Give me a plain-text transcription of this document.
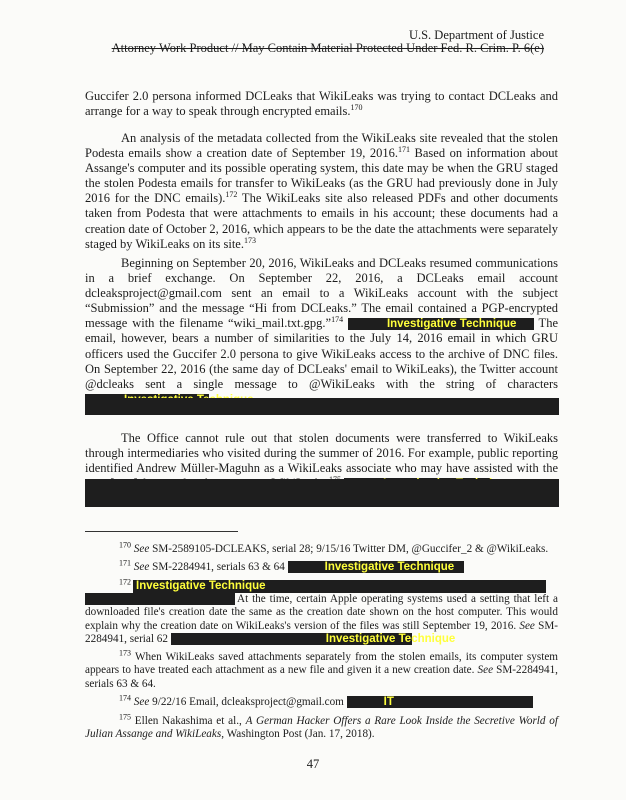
U.S. Department of Justice
Attorney Work Product // May Contain Material Protected Under Fed. R. Crim. P. 6(e)

Guccifer 2.0 persona informed DCLeaks that WikiLeaks was trying to contact DCLeaks and arrange for a way to speak through encrypted emails.$^{170}$

An analysis of the metadata collected from the WikiLeaks site revealed that the stolen Podesta emails show a creation date of September 19, 2016.$^{171}$ Based on information about Assange's computer and its possible operating system, this date may be when the GRU staged the stolen Podesta emails for transfer to WikiLeaks (as the GRU had previously done in July 2016 for the DNC emails).$^{172}$ The WikiLeaks site also released PDFs and other documents taken from Podesta that were attachments to emails in his account; these documents had a creation date of October 2, 2016, which appears to be the date the attachments were separately staged by WikiLeaks on its site.$^{173}$

Beginning on September 20, 2016, WikiLeaks and DCLeaks resumed communications in a brief exchange. On September 22, 2016, a DCLeaks email account dcleaksproject@gmail.com sent an email to a WikiLeaks account with the subject “Submission” and the message “Hi from DCLeaks.” The email contained a PGP-encrypted message with the filename “wiki_mail.txt.gpg.”$^{174}$	Investigative Technique The email, however, bears a number of similarities to the July 14, 2016 email in which GRU officers used the Guccifer 2.0 persona to give WikiLeaks access to the archive of DNC files. On September 22, 2016 (the same day of DCLeaks' email to WikiLeaks), the Twitter account @dcleaks sent a single message to @WikiLeaks with the string of characters

The Office cannot rule out that stolen documents were transferred to WikiLeaks through intermediaries who visited during the summer of 2016. For example, public reporting identified Andrew Müller-Maguhn as a WikiLeaks associate who may have assisted with the

$^{170}$ See SM-2589105-DCLEAKS, serial 28; 9/15/16 Twitter DM, @Guccifer_2 & @WikiLeaks.

$^{171}$ See SM-2284941, serials 63 & 64	Investigative Technique

$^{172}$ Investigative Technique

At the time, certain Apple operating systems used a setting that left a downloaded file's creation date the same as the creation date shown on the host computer. This would explain why the creation date on WikiLeaks's version of the files was still September 19, 2016. See SM-2284941, serial 62	Investigative Technique

$^{173}$ When WikiLeaks saved attachments separately from the stolen emails, its computer system appears to have treated each attachment as a new file and given it a new creation date. See SM-2284941, serials 63 & 64.

$^{174}$ See 9/22/16 Email, dcleaksproject@gmail.com	IT

$^{175}$ Ellen Nakashima et al., A German Hacker Offers a Rare Look Inside the Secretive World of Julian Assange and WikiLeaks, Washington Post (Jan. 17, 2018).

47
